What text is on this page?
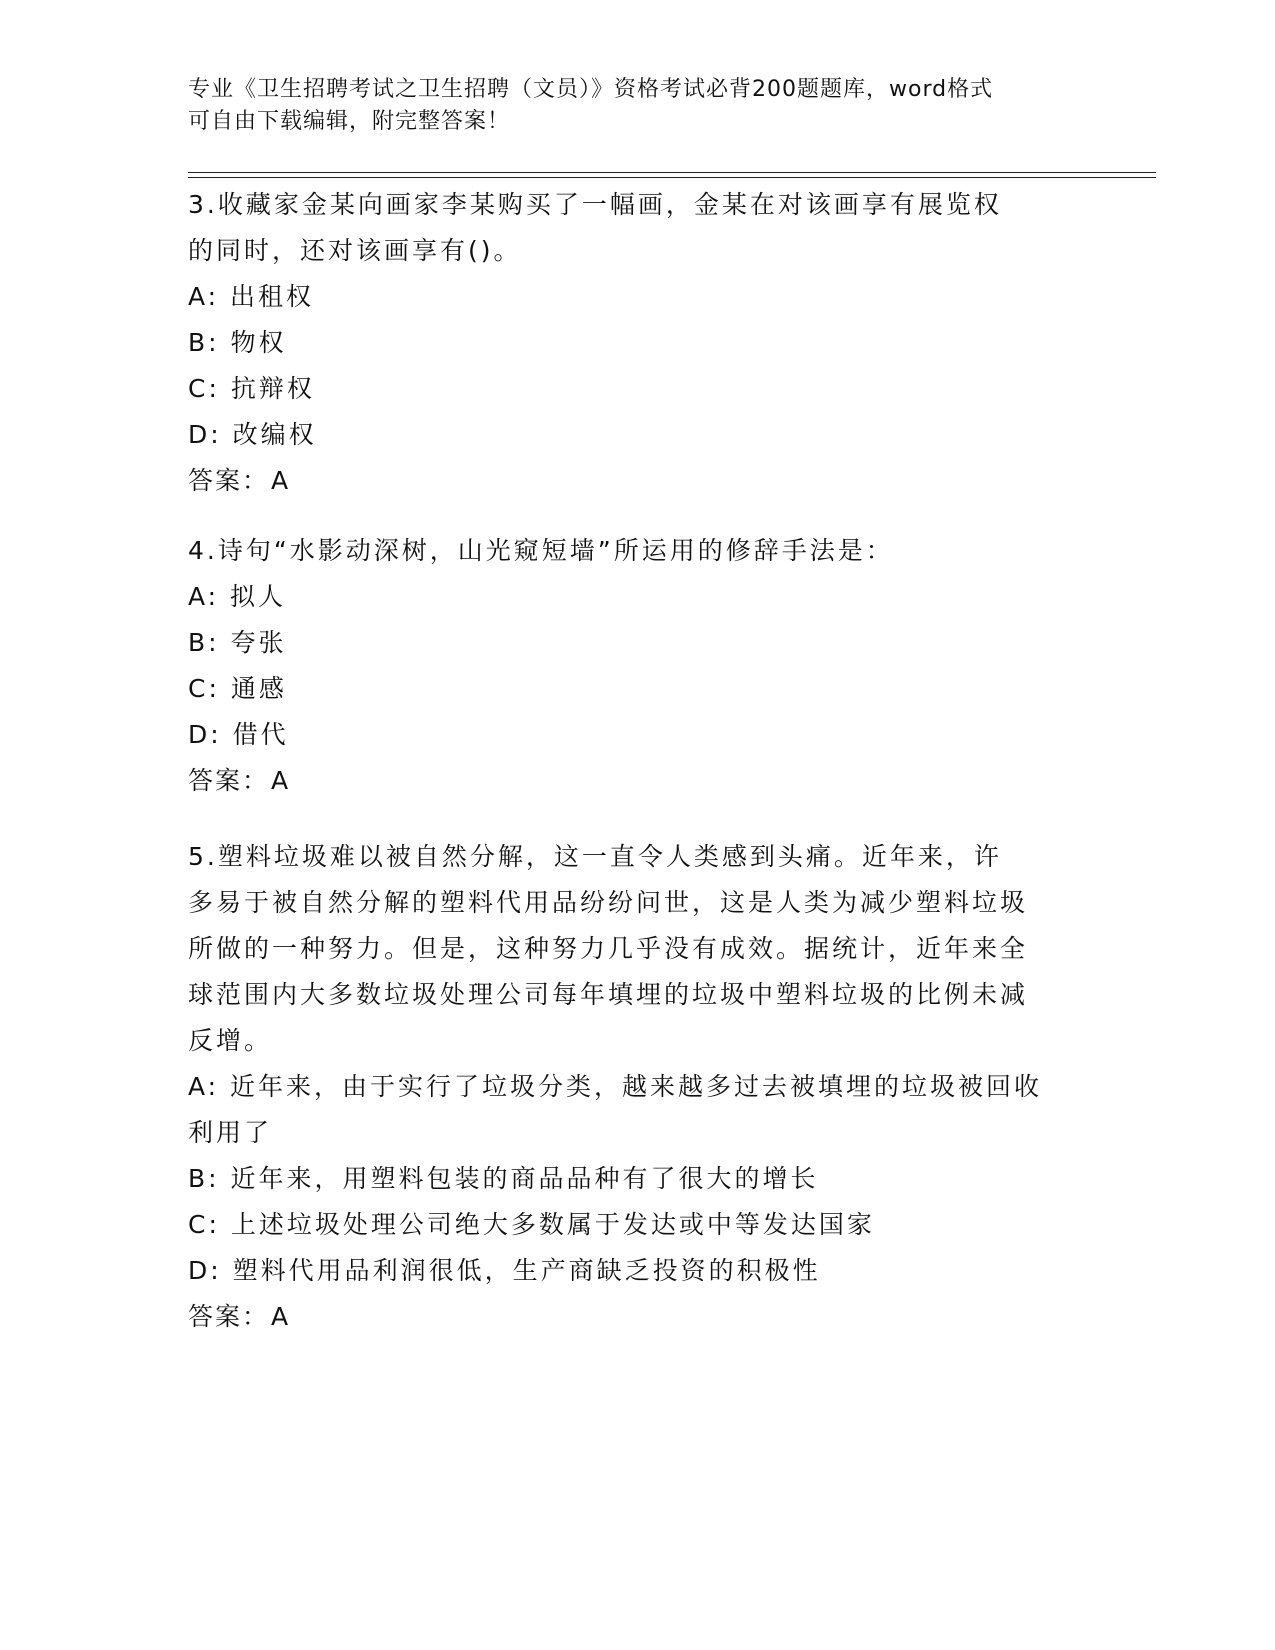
专业《卫生招聘考试之卫生招聘（文员）》资格考试必背200题题库，word格式
可自由下载编辑，附完整答案！
3.收藏家金某向画家李某购买了一幅画，金某在对该画享有展览权的同时，还对该画享有()。
A: 出租权
B: 物权
C: 抗辩权
D: 改编权
答案：A
4.诗句“水影动深树，山光窥短墙”所运用的修辞手法是：
A: 拟人
B: 夸张
C: 通感
D: 借代
答案：A
5.塑料垃圾难以被自然分解，这一直令人类感到头痛。近年来，许多易于被自然分解的塑料代用品纷纷问世，这是人类为减少塑料垃圾所做的一种努力。但是，这种努力几乎没有成效。据统计，近年来全球范围内大多数垃圾处理公司每年填埋的垃圾中塑料垃圾的比例未减反增。
A: 近年来，由于实行了垃圾分类，越来越多过去被填埋的垃圾被回收利用了
B: 近年来，用塑料包装的商品品种有了很大的增长
C: 上述垃圾处理公司绝大多数属于发达或中等发达国家
D: 塑料代用品利润很低，生产商缺乏投资的积极性
答案：A
